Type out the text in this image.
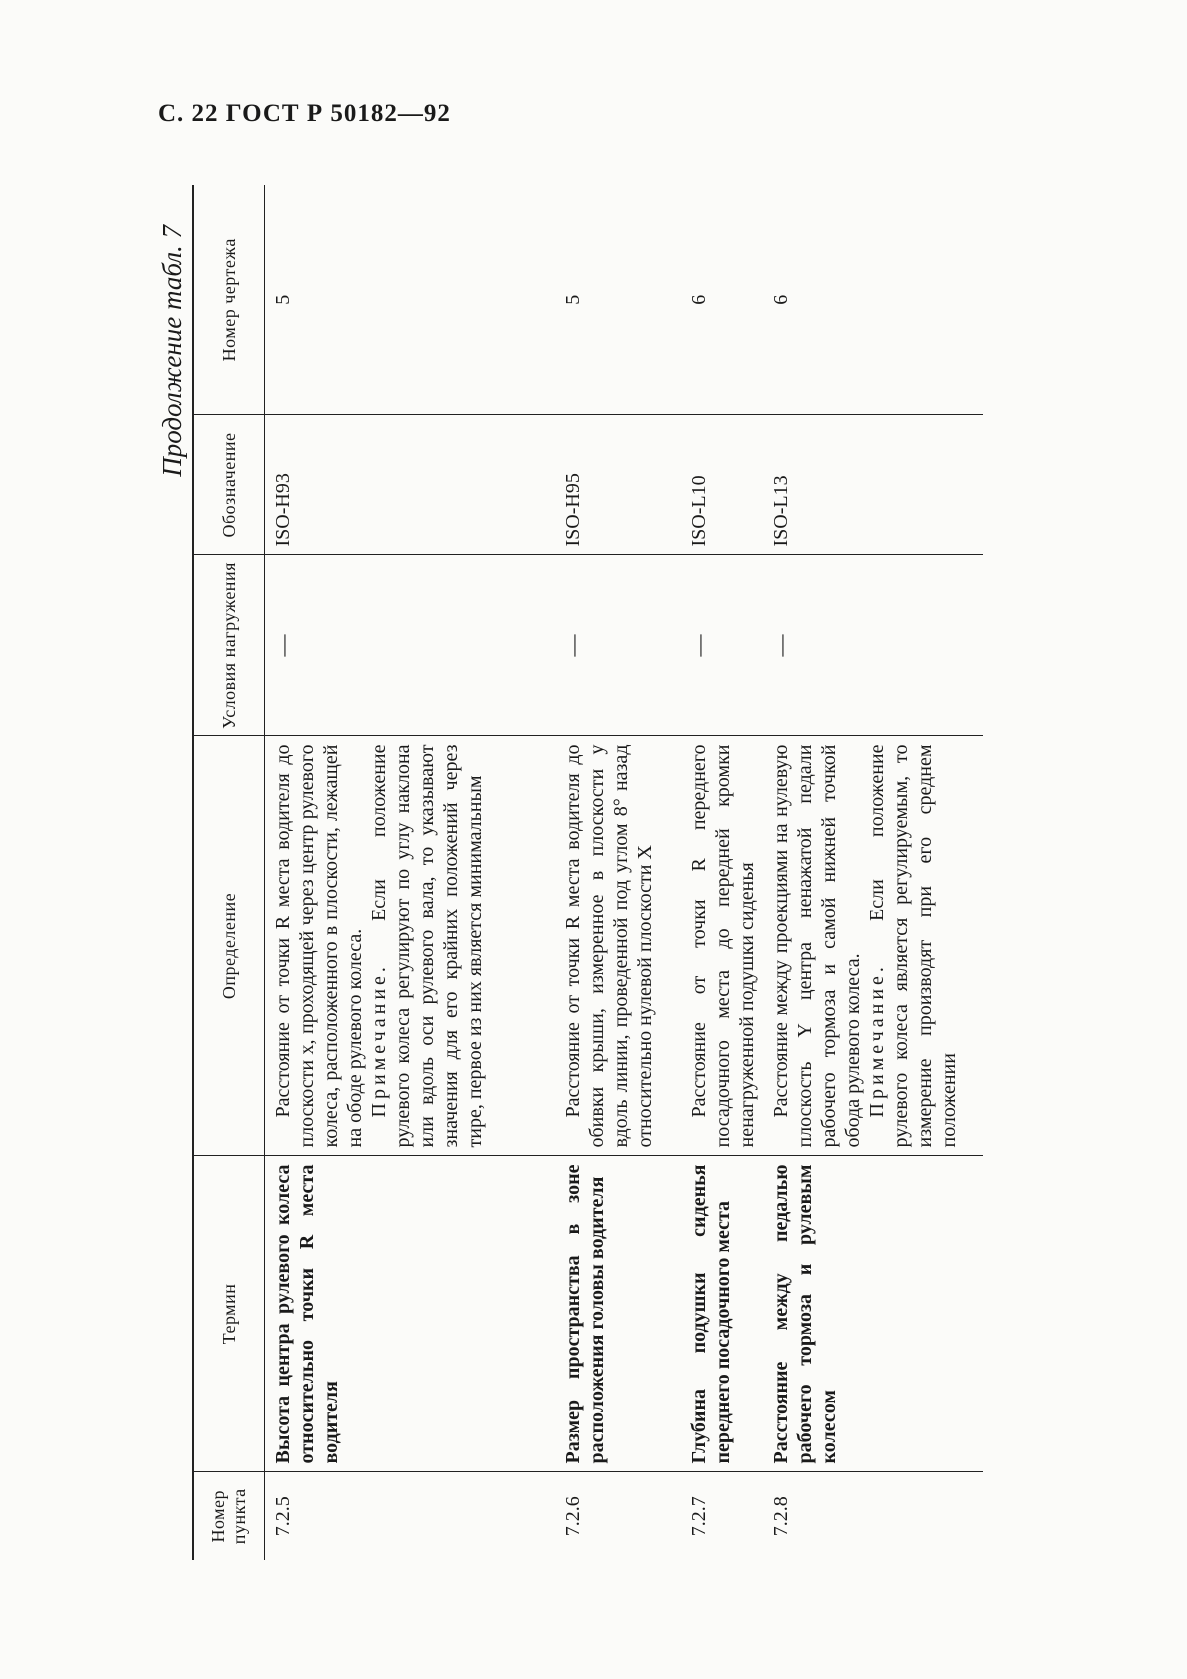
С. 22 ГОСТ Р 50182—92
Продолжение табл. 7
Номер пункта	Термин	Определение	Условия нагружения	Обозначение	Номер чертежа
7.2.5	Высота центра рулевого колеса относительно точки R места водителя	Расстояние от точки R места водителя до плоскости x, проходящей через центр рулевого колеса, расположенного в плоскости, лежащей на ободе рулевого колеса. Примечание. Если положение рулевого колеса регулируют по углу наклона или вдоль оси рулевого вала, то указывают значения для его крайних положений через тире, первое из них является минимальным	—	ISO-H93	5
7.2.6	Размер пространства в зоне расположения головы водителя	Расстояние от точки R места водителя до обивки крыши, измеренное в плоскости y вдоль линии, проведенной под углом 8° назад относительно нулевой плоскости X	—	ISO-H95	5
7.2.7	Глубина подушки сиденья переднего посадочного места	Расстояние от точки R переднего посадочного места до передней кромки ненагруженной подушки сиденья	—	ISO-L10	6
7.2.8	Расстояние между педалью рабочего тормоза и рулевым колесом	Расстояние между проекциями на нулевую плоскость Y центра ненажатой педали рабочего тормоза и самой нижней точкой обода рулевого колеса. Примечание. Если положение рулевого колеса является регулируемым, то измерение производят при его среднем положении	—	ISO-L13	6
